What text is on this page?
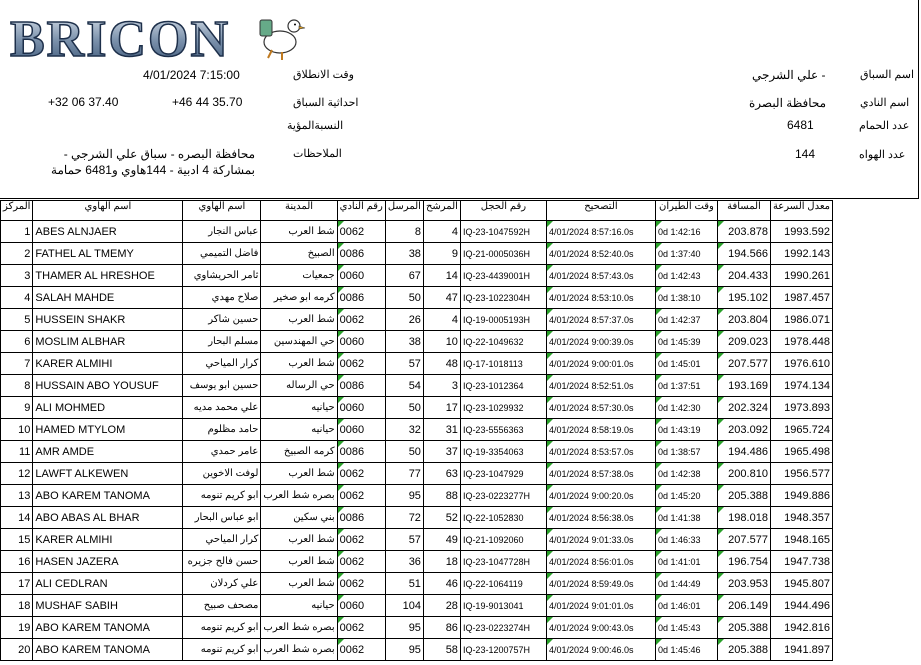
BRICON
اسم السباق
علي الشرجي -
اسم النادي
محافظة البصرة
عدد الحمام
6481
عدد الهواه
144
وقت الانطلاق
4/01/2024 7:15:00
احداثية السباق
+46 44 35.70
+32 06 37.40
النسبةالمؤية
الملاحظات
محافظة البصره - سباق علي الشرجي - بمشاركة 4 ادبية - 144هاوي و6481 حمامة
المركز	اسم الهاوي	اسم الهاوي	المدينة	رقم النادي	المرسل	المرشح	رقم الحجل	التصحيح	وقت الطيران	المسافة	معدل السرعة
1	ABES ALNJAER	عباس النجار	شط العرب	0062	8	4	IQ-23-1047592H	4/01/2024 8:57:16.0s	0d 1:42:16	203.878	1993.592
2	FATHEL AL TMEMY	فاضل التميمي	الصبيخ	0086	38	9	IQ-21-0005036H	4/01/2024 8:52:40.0s	0d 1:37:40	194.566	1992.143
3	THAMER AL HRESHOE	ثامر الحريشاوي	جمعيات	0060	67	14	IQ-23-4439001H	4/01/2024 8:57:43.0s	0d 1:42:43	204.433	1990.261
4	SALAH MAHDE	صلاح مهدي	كرمه ابو صخير	0086	50	47	IQ-23-1022304H	4/01/2024 8:53:10.0s	0d 1:38:10	195.102	1987.457
5	HUSSEIN SHAKR	حسين شاكر	شط العرب	0062	26	4	IQ-19-0005193H	4/01/2024 8:57:37.0s	0d 1:42:37	203.804	1986.071
6	MOSLIM ALBHAR	مسلم البحار	حي المهندسين	0060	38	10	IQ-22-1049632	4/01/2024 9:00:39.0s	0d 1:45:39	209.023	1978.448
7	KARER ALMIHI	كرار المياحي	شط العرب	0062	57	48	IQ-17-1018113	4/01/2024 9:00:01.0s	0d 1:45:01	207.577	1976.610
8	HUSSAIN ABO YOUSUF	حسين ابو يوسف	حي الرساله	0086	54	3	IQ-23-1012364	4/01/2024 8:52:51.0s	0d 1:37:51	193.169	1974.134
9	ALI MOHMED	علي محمد مديه	حيانيه	0060	50	17	IQ-23-1029932	4/01/2024 8:57:30.0s	0d 1:42:30	202.324	1973.893
10	HAMED MTYLOM	حامد مظلوم	حيانيه	0060	32	31	IQ-23-5556363	4/01/2024 8:58:19.0s	0d 1:43:19	203.092	1965.724
11	AMR AMDE	عامر حمدي	كرمه الصبيخ	0086	50	37	IQ-19-3354063	4/01/2024 8:53:57.0s	0d 1:38:57	194.486	1965.498
12	LAWFT ALKEWEN	لوفت الاخوين	شط العرب	0062	77	63	IQ-23-1047929	4/01/2024 8:57:38.0s	0d 1:42:38	200.810	1956.577
13	ABO KAREM TANOMA	ابو كريم تنومه	بصره شط العرب	0062	95	88	IQ-23-0223277H	4/01/2024 9:00:20.0s	0d 1:45:20	205.388	1949.886
14	ABO ABAS AL BHAR	ابو عباس البحار	بني سكين	0086	72	52	IQ-22-1052830	4/01/2024 8:56:38.0s	0d 1:41:38	198.018	1948.357
15	KARER ALMIHI	كرار المياحي	شط العرب	0062	57	49	IQ-21-1092060	4/01/2024 9:01:33.0s	0d 1:46:33	207.577	1948.165
16	HASEN JAZERA	حسن فالح جزيره	شط العرب	0062	36	18	IQ-23-1047728H	4/01/2024 8:56:01.0s	0d 1:41:01	196.754	1947.738
17	ALI CEDLRAN	علي كردلان	شط العرب	0062	51	46	IQ-22-1064119	4/01/2024 8:59:49.0s	0d 1:44:49	203.953	1945.807
18	MUSHAF SABIH	مصحف صبيح	حيانيه	0060	104	28	IQ-19-9013041	4/01/2024 9:01:01.0s	0d 1:46:01	206.149	1944.496
19	ABO KAREM TANOMA	ابو كريم تنومه	بصره شط العرب	0062	95	86	IQ-23-0223274H	4/01/2024 9:00:43.0s	0d 1:45:43	205.388	1942.816
20	ABO KAREM TANOMA	ابو كريم تنومه	بصره شط العرب	0062	95	58	IQ-23-1200757H	4/01/2024 9:00:46.0s	0d 1:45:46	205.388	1941.897
